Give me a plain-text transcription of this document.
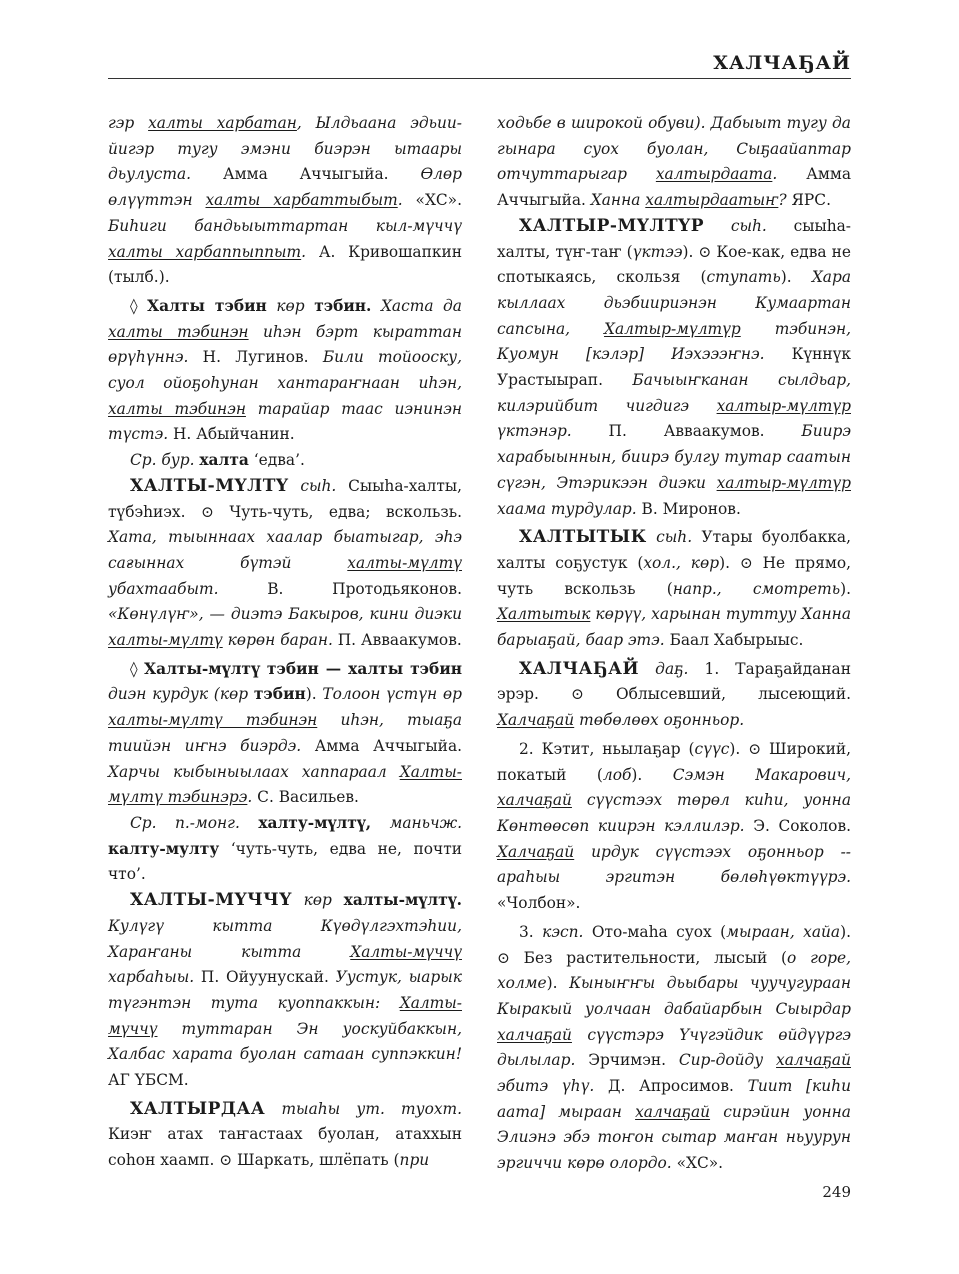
ХАЛЧАҔАЙ

гэр халты харбатан, Ылдьаана эдьии-йигэр тугу эмэни биэрэн ытаары дьулуста. Амма Аччыгыйа. Өлөр өлүүттэн халты харбаттыбыт. «ХС». Биһиги бандьыыттартан кыл-мүччү халты харбаппыппыт. А. Кривошапкин (тылб.).

◊ Халты тэбин көр тэбин. Хаста да халты тэбинэн иһэн бэрт кыраттан өрүһүннэ. Н. Лугинов. Били тойооску, суол ойоҕоһунан хантараҥнаан иһэн, халты тэбинэн тарайар таас иэнинэн түстэ. Н. Абыйчанин.

Ср. бур. халта ‘едва’.

ХАЛТЫ-МҮЛТҮ сыһ. Сыыһа-халты, түбэһиэх. ⊙ Чуть-чуть, едва; вскользь. Хата, тыыннаах хаалар быатыгар, эһэ сағыннах бүтэй халты-мүлтү убахтаабыт. В. Протодьяконов. «Көнүлүҥ», — диэтэ Бакыров, кини диэки халты-мүлтү көрөн баран. П. Авваакумов.

◊ Халты-мүлтү тэбин — халты тэбин диэн курдук (көр тэбин). Толоон үстүн өр халты-мүлтү тэбинэн иһэн, тыаҕа тиийэн иҥнэ биэрдэ. Амма Аччыгыйа. Харчы кыбыныылаах хаппараал Халты-мүлтү тэбинэрэ. С. Васильев.

Ср. п.-монг. халту-мүлтү, маньчж. калту-мулту ‘чуть-чуть, едва не, почти что’.

ХАЛТЫ-МҮЧЧҮ көр халты-мүлтү. Кулүгү кытта Күөдүлгэхтэһии, Хараҥаны кытта Халты-мүччү харбаһыы. П. Ойуунускай. Уустук, ыарык түгэнтэн тута куоппаккын: Халты-мүччү туттаран Эн уоскуйбаккын, Халбас харата буолан сатаан суппэккин! АГ ҮБСМ.

ХАЛТЫРДАА тыаһы ут. туохт. Киэҥ атах таҥастаах буолан, атаххын соһон хаамп. ⊙ Шаркать, шлёпать (при

ходьбе в широкой обуви). Дабыыт тугу да гынара суох буолан, Сыҕаайаптар отчуттарыгар халтырдаата. Амма Аччыгыйа. Ханна халтырдаатыҥ? ЯРС.

ХАЛТЫР-МҮЛТҮР сыһ. сыыһа-халты, түҥ-таҥ (үктээ). ⊙ Кое-как, едва не спотыкаясь, скользя (ступать). Хара кыллаах дьэбиириэнэн Кумаартан сапсына, Халтыр-мүлтүр тэбинэн, Куомун [кэлэр] Иэхэээҥнэ. Күннүк Урастыырап. Бачыыҥканан сылдьар, килэрийбит чигдигэ халтыр-мүлтүр үктэнэр. П. Авваакумов. Биирэ харабыыннын, биирэ булгу тутар саатын сүгэн, Этэрикээн диэки халтыр-мүлтүр хаама турдулар. В. Миронов.

ХАЛТЫТЫК сыһ. Утары буолбакка, халты соҕустук (хол., көр). ⊙ Не прямо, чуть вскользь (напр., смотреть). Халтытык көрүү, харынан туттуу Ханна барыаҕай, баар этэ. Баал Хабырыыс.

ХАЛЧАҔАЙ даҕ. 1. Тараҕайданан эрэр. ⊙ Облысевший, лысеющий. Халчаҕай төбөлөөх оҕонньор.

2. Кэтит, ньылаҕар (сүүс). ⊙ Широкий, покатый (лоб). Сэмэн Макарович, халчаҕай сүүстээх төрөл киһи, уонна Көнтөөсөп киирэн кэллилэр. Э. Соколов. Халчаҕай ирдук сүүстээх оҕонньор -- араһыы эргитэн бөлөһүөктүүрэ. «Чолбон».

3. кэсп. Ото-маһа суох (мыраан, хайа). ⊙ Без растительности, лысый (о горе, холме). Кыныҥҥы дьыбары чуучугураан Кыракый уолчаан дабайарбын Сыырдар халчаҕай сүүстэрэ Үчүгэйдик өйдүүргэ дылылар. Эрчимэн. Сир-дойду халчаҕай эбитэ үһү. Д. Апросимов. Тиит [киһи аата] мыраан халчаҕай сирэйин уонна Элиэнэ эбэ тоҥон сытар маҥан ньуурун эргиччи көрө олордо. «ХС».

249
